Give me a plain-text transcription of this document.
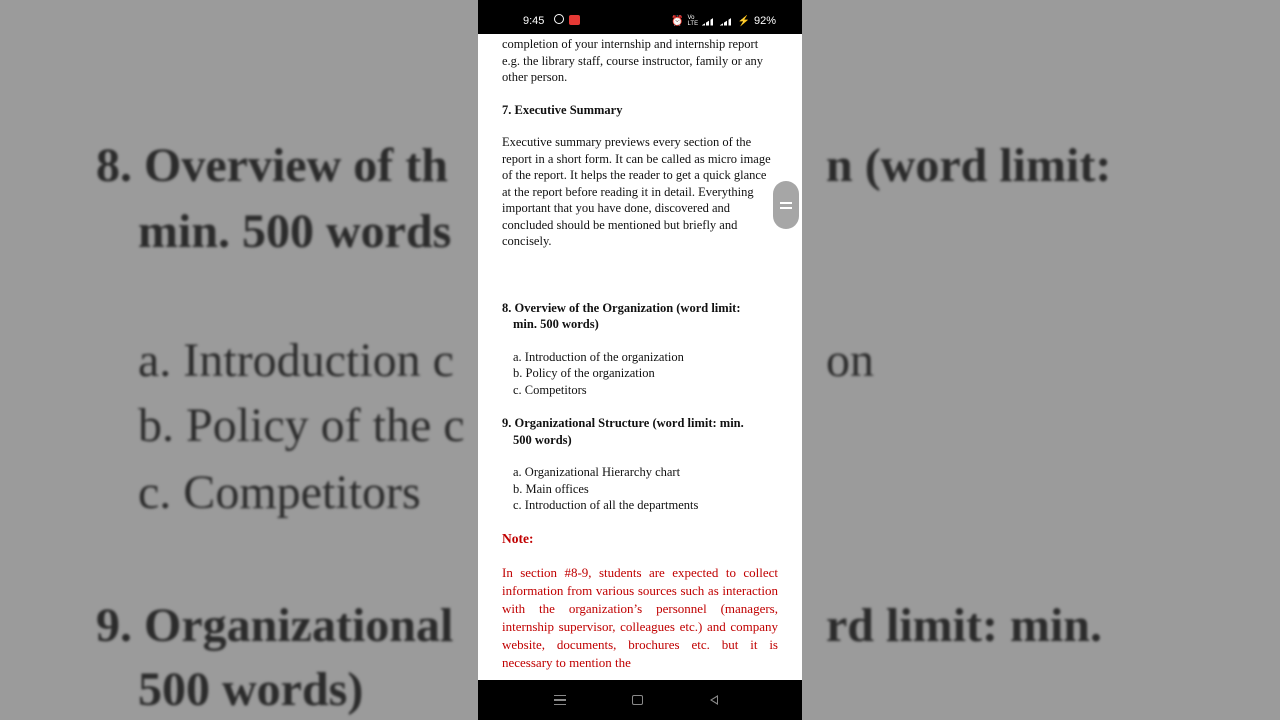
8. Overview of th	n (word limit:
min. 500 words
a. Introduction c	on
b. Policy of the c
c. Competitors
9. Organizational	rd limit: min.
500 words)
9:45	⏰ Vo LTE	⚡ 92%

completion of your internship and internship report e.g. the library staff, course instructor, family or any other person.

7. Executive Summary

Executive summary previews every section of the report in a short form. It can be called as micro image of the report. It helps the reader to get a quick glance at the report before reading it in detail. Everything important that you have done, discovered and concluded should be mentioned but briefly and concisely.

8. Overview of the Organization (word limit:

min. 500 words)

a. Introduction of the organization

b. Policy of the organization

c. Competitors

9. Organizational Structure (word limit: min.

500 words)

a. Organizational Hierarchy chart

b. Main offices

c. Introduction of all the departments

Note:

In section #8-9, students are expected to collect information from various sources such as interaction with the organization’s personnel (managers, internship supervisor, colleagues etc.) and company website, documents, brochures etc. but it is necessary to mention the
